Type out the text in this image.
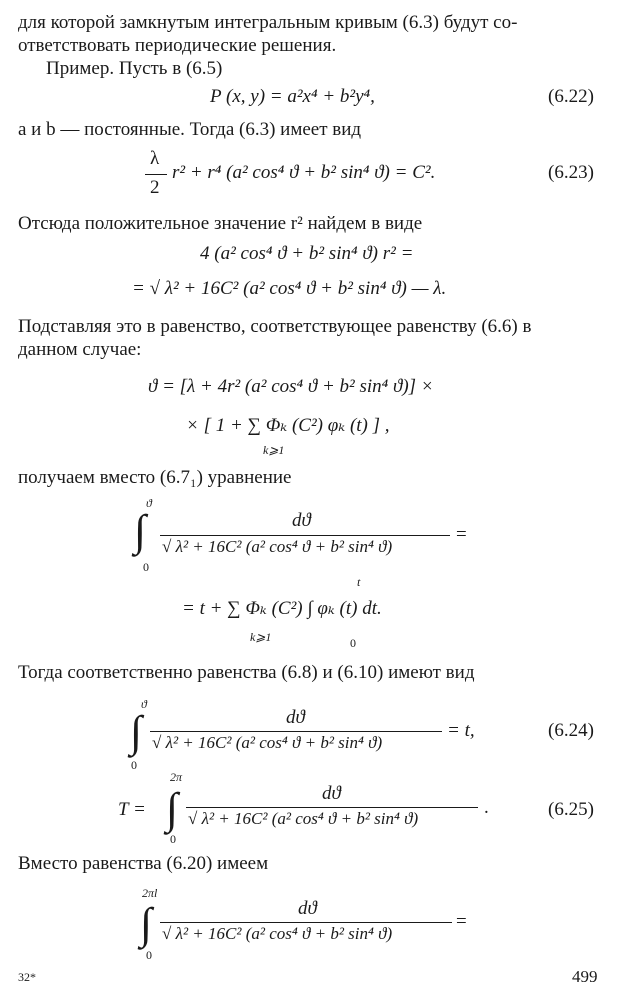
для которой замкнутым интегральным кривым (6.3) будут со-
ответствовать периодические решения.
Пример. Пусть в (6.5)
P (x, y) = a²x⁴ + b²y⁴,	(6.22)
a и b — постоянные. Тогда (6.3) имеет вид
λ
2
r² + r⁴ (a² cos⁴ ϑ + b² sin⁴ ϑ) = C².	(6.23)
Отсюда положительное значение r² найдем в виде
4 (a² cos⁴ ϑ + b² sin⁴ ϑ) r² =
= √ λ² + 16C² (a² cos⁴ ϑ + b² sin⁴ ϑ) — λ.
Подставляя это в равенство, соответствующее равенству (6.6) в
данном случае:
ϑ = [λ + 4r² (a² cos⁴ ϑ + b² sin⁴ ϑ)] ×
× [ 1 + ∑ Φₖ (C²) φₖ (t) ] ,
k⩾1
получаем вместо (6.7₁) уравнение
∫
ϑ
0
dϑ
√ λ² + 16C² (a² cos⁴ ϑ + b² sin⁴ ϑ)
=
= t + ∑ Φₖ (C²) ∫ φₖ (t) dt.
t
0
k⩾1
Тогда соответственно равенства (6.8) и (6.10) имеют вид
∫
ϑ
0
dϑ
√ λ² + 16C² (a² cos⁴ ϑ + b² sin⁴ ϑ)
= t,	(6.24)
T = ∫
2π
0
dϑ
.
√ λ² + 16C² (a² cos⁴ ϑ + b² sin⁴ ϑ)	(6.25)
Вместо равенства (6.20) имеем
∫
2πl
0
dϑ
√ λ² + 16C² (a² cos⁴ ϑ + b² sin⁴ ϑ)
=
32*	499
